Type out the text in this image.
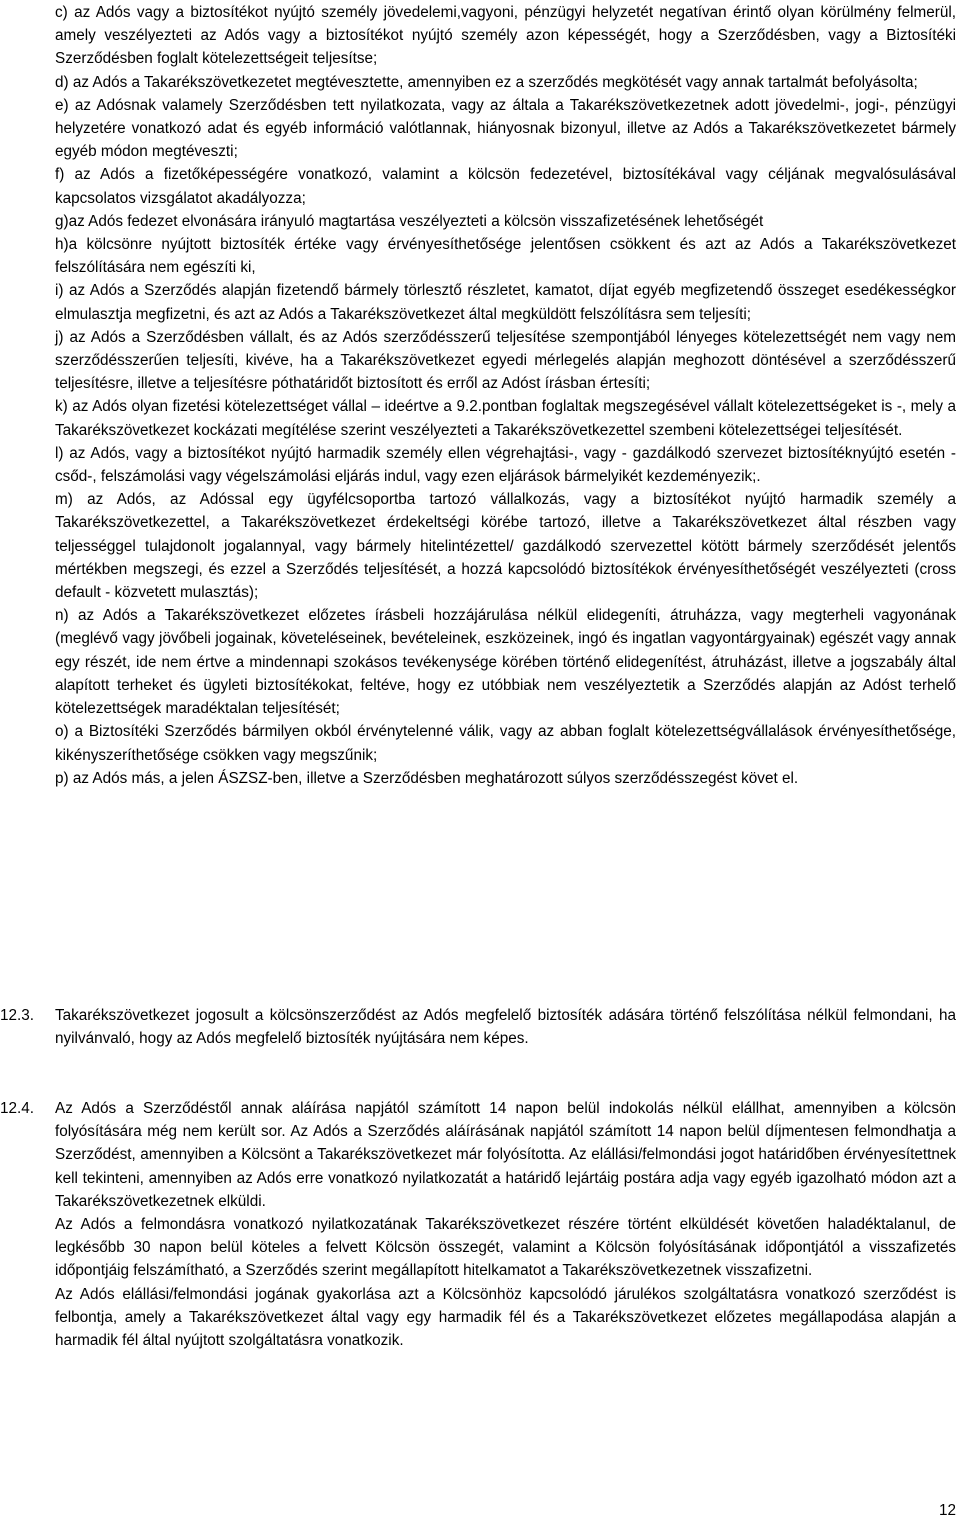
c) az Adós vagy a biztosítékot nyújtó személy jövedelemi,vagyoni, pénzügyi helyzetét negatívan érintő olyan körülmény felmerül, amely veszélyezteti az Adós vagy a biztosítékot nyújtó személy azon képességét, hogy a Szerződésben, vagy a Biztosítéki Szerződésben foglalt kötelezettségeit teljesítse;

d) az Adós a Takarékszövetkezetet megtévesztette, amennyiben ez a szerződés megkötését vagy annak tartalmát befolyásolta;

e) az Adósnak valamely Szerződésben tett nyilatkozata, vagy az általa a Takarékszövetkezetnek adott jövedelmi-, jogi-, pénzügyi helyzetére vonatkozó adat és egyéb információ valótlannak, hiányosnak bizonyul, illetve az Adós a Takarékszövetkezetet bármely egyéb módon megtéveszti;

f) az Adós a fizetőképességére vonatkozó, valamint a kölcsön fedezetével, biztosítékával vagy céljának megvalósulásával kapcsolatos vizsgálatot akadályozza;

g)az Adós fedezet elvonására irányuló magtartása veszélyezteti a kölcsön visszafizetésének lehetőségét

h)a kölcsönre nyújtott biztosíték értéke vagy érvényesíthetősége jelentősen csökkent és azt az Adós a Takarékszövetkezet felszólítására nem egészíti ki,

i) az Adós a Szerződés alapján fizetendő bármely törlesztő részletet, kamatot, díjat egyéb megfizetendő összeget esedékességkor elmulasztja megfizetni, és azt az Adós a Takarékszövetkezet által megküldött felszólításra sem teljesíti;

j) az Adós a Szerződésben vállalt, és az Adós szerződésszerű teljesítése szempontjából lényeges kötelezettségét nem vagy nem szerződésszerűen teljesíti, kivéve, ha a Takarékszövetkezet egyedi mérlegelés alapján meghozott döntésével a szerződésszerű teljesítésre, illetve a teljesítésre póthatáridőt biztosított és erről az Adóst írásban értesíti;

k) az Adós olyan fizetési kötelezettséget vállal – ideértve a 9.2.pontban foglaltak megszegésével vállalt kötelezettségeket is -, mely a Takarékszövetkezet kockázati megítélése szerint veszélyezteti a Takarékszövetkezettel szembeni kötelezettségei teljesítését.

l) az Adós, vagy a biztosítékot nyújtó harmadik személy ellen végrehajtási-, vagy - gazdálkodó szervezet biztosítéknyújtó esetén - csőd-, felszámolási vagy végelszámolási eljárás indul, vagy ezen eljárások bármelyikét kezdeményezik;.

m) az Adós, az Adóssal egy ügyfélcsoportba tartozó vállalkozás, vagy a biztosítékot nyújtó harmadik személy a Takarékszövetkezettel, a Takarékszövetkezet érdekeltségi körébe tartozó, illetve a Takarékszövetkezet által részben vagy teljességgel tulajdonolt jogalannyal, vagy bármely hitelintézettel/ gazdálkodó szervezettel kötött bármely szerződését jelentős mértékben megszegi, és ezzel a Szerződés teljesítését, a hozzá kapcsolódó biztosítékok érvényesíthetőségét veszélyezteti (cross default - közvetett mulasztás);

n) az Adós a Takarékszövetkezet előzetes írásbeli hozzájárulása nélkül elidegeníti, átruházza, vagy megterheli vagyonának (meglévő vagy jövőbeli jogainak, követeléseinek, bevételeinek, eszközeinek, ingó és ingatlan vagyontárgyainak) egészét vagy annak egy részét, ide nem értve a mindennapi szokásos tevékenysége körében történő elidegenítést, átruházást, illetve a jogszabály által alapított terheket és ügyleti biztosítékokat, feltéve, hogy ez utóbbiak nem veszélyeztetik a Szerződés alapján az Adóst terhelő kötelezettségek maradéktalan teljesítését;

o) a Biztosítéki Szerződés bármilyen okból érvénytelenné válik, vagy az abban foglalt kötelezettségvállalások érvényesíthetősége, kikényszeríthetősége csökken vagy megszűnik;

p) az Adós más, a jelen ÁSZSZ-ben, illetve a Szerződésben meghatározott súlyos szerződésszegést követ el.

12.3.	Takarékszövetkezet jogosult a kölcsönszerződést az Adós megfelelő biztosíték adására történő felszólítása nélkül felmondani, ha nyilvánvaló, hogy az Adós megfelelő biztosíték nyújtására nem képes.

12.4.	Az Adós a Szerződéstől annak aláírása napjától számított 14 napon belül indokolás nélkül elállhat, amennyiben a kölcsön folyósítására még nem került sor. Az Adós a Szerződés aláírásának napjától számított 14 napon belül díjmentesen felmondhatja a Szerződést, amennyiben a Kölcsönt a Takarékszövetkezet már folyósította. Az elállási/felmondási jogot határidőben érvényesítettnek kell tekinteni, amennyiben az Adós erre vonatkozó nyilatkozatát a határidő lejártáig postára adja vagy egyéb igazolható módon azt a Takarékszövetkezetnek elküldi.

Az Adós a felmondásra vonatkozó nyilatkozatának Takarékszövetkezet részére történt elküldését követően haladéktalanul, de legkésőbb 30 napon belül köteles a felvett Kölcsön összegét, valamint a Kölcsön folyósításának időpontjától a visszafizetés időpontjáig felszámítható, a Szerződés szerint megállapított hitelkamatot a Takarékszövetkezetnek visszafizetni.

Az Adós elállási/felmondási jogának gyakorlása azt a Kölcsönhöz kapcsolódó járulékos szolgáltatásra vonatkozó szerződést is felbontja, amely a Takarékszövetkezet által vagy egy harmadik fél és a Takarékszövetkezet előzetes megállapodása alapján a harmadik fél által nyújtott szolgáltatásra vonatkozik.

12
